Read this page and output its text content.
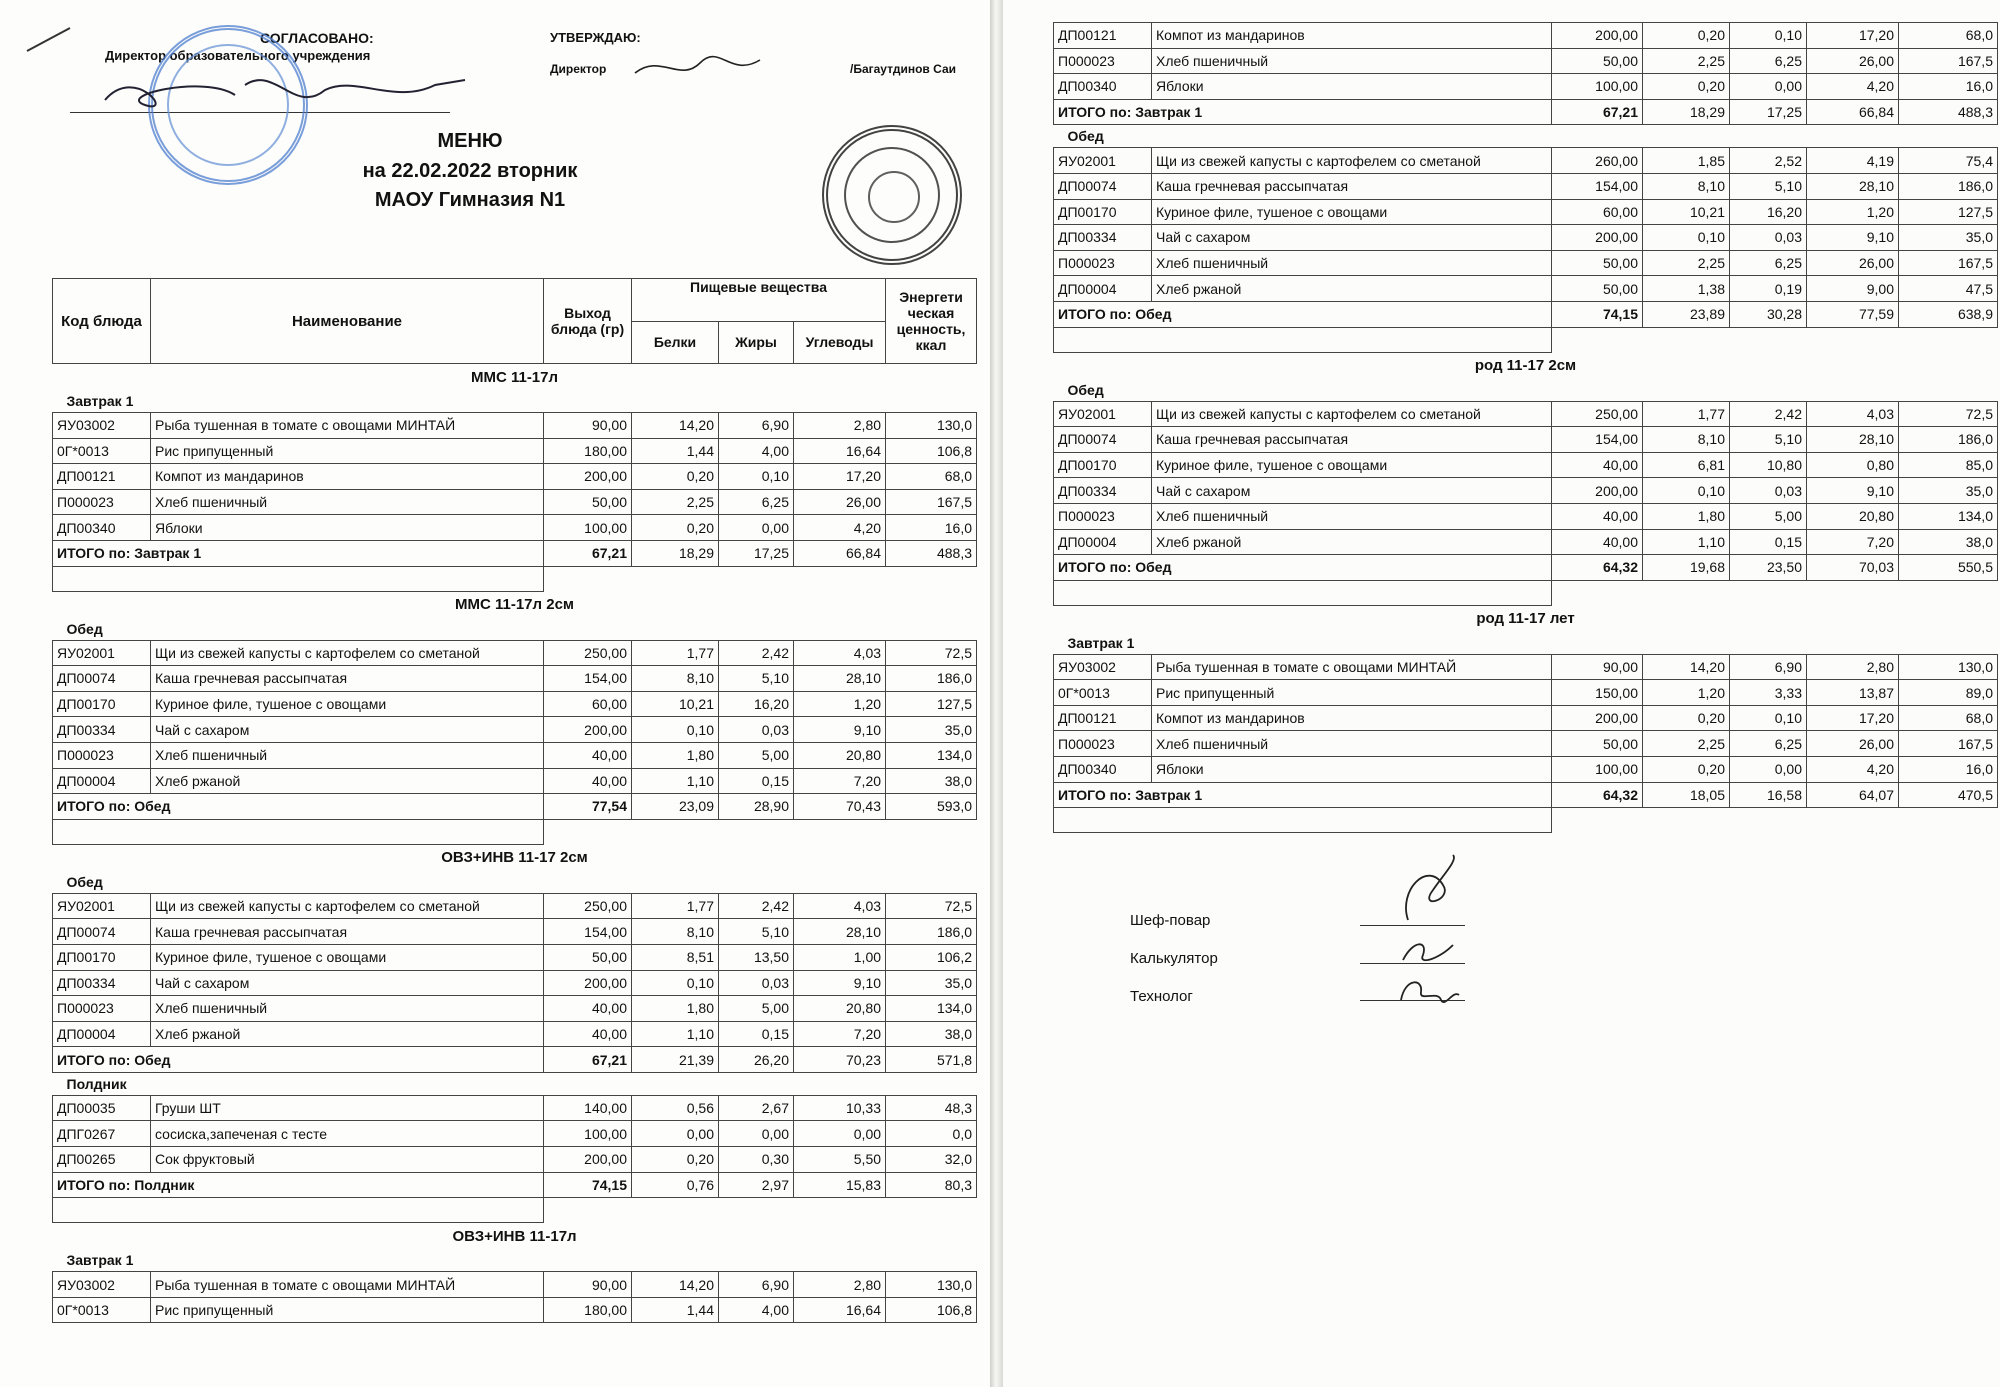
СОГЛАСОВАНО:
Директор образовательного учреждения
УТВЕРЖДАЮ:
Директор	/Багаутдинов Саи
МЕНЮ
на 22.02.2022 вторник
МАОУ Гимназия N1
Код блюда	Наименование	Выход блюда (гр)	Пищевые вещества			Энергети ческая ценность, ккал
			Белки	Жиры	Углеводы	
ММС 11-17л						
Завтрак 1						
ЯУ03002	Рыба тушенная в томате с овощами МИНТАЙ	90,00	14,20	6,90	2,80	130,0
0Г*0013	Рис припущенный	180,00	1,44	4,00	16,64	106,8
ДП00121	Компот из мандаринов	200,00	0,20	0,10	17,20	68,0
П000023	Хлеб пшеничный	50,00	2,25	6,25	26,00	167,5
ДП00340	Яблоки	100,00	0,20	0,00	4,20	16,0
ИТОГО по: Завтрак 1		67,21	18,29	17,25	66,84	488,3

ММС 11-17л 2см						
Обед						
ЯУ02001	Щи из свежей капусты с картофелем со сметаной	250,00	1,77	2,42	4,03	72,5
ДП00074	Каша гречневая рассыпчатая	154,00	8,10	5,10	28,10	186,0
ДП00170	Куриное филе, тушеное с овощами	60,00	10,21	16,20	1,20	127,5
ДП00334	Чай с сахаром	200,00	0,10	0,03	9,10	35,0
П000023	Хлеб пшеничный	40,00	1,80	5,00	20,80	134,0
ДП00004	Хлеб ржаной	40,00	1,10	0,15	7,20	38,0
ИТОГО по: Обед		77,54	23,09	28,90	70,43	593,0

ОВЗ+ИНВ 11-17 2см						
Обед						
ЯУ02001	Щи из свежей капусты с картофелем со сметаной	250,00	1,77	2,42	4,03	72,5
ДП00074	Каша гречневая рассыпчатая	154,00	8,10	5,10	28,10	186,0
ДП00170	Куриное филе, тушеное с овощами	50,00	8,51	13,50	1,00	106,2
ДП00334	Чай с сахаром	200,00	0,10	0,03	9,10	35,0
П000023	Хлеб пшеничный	40,00	1,80	5,00	20,80	134,0
ДП00004	Хлеб ржаной	40,00	1,10	0,15	7,20	38,0
ИТОГО по: Обед		67,21	21,39	26,20	70,23	571,8
Полдник						
ДП00035	Груши ШТ	140,00	0,56	2,67	10,33	48,3
ДПГ0267	сосиска,запеченая с тесте	100,00	0,00	0,00	0,00	0,0
ДП00265	Сок фруктовый	200,00	0,20	0,30	5,50	32,0
ИТОГО по: Полдник		74,15	0,76	2,97	15,83	80,3

ОВЗ+ИНВ 11-17л						
Завтрак 1						
ЯУ03002	Рыба тушенная в томате с овощами МИНТАЙ	90,00	14,20	6,90	2,80	130,0
0Г*0013	Рис припущенный	180,00	1,44	4,00	16,64	106,8
ДП00121	Компот из мандаринов	200,00	0,20	0,10	17,20	68,0
П000023	Хлеб пшеничный	50,00	2,25	6,25	26,00	167,5
ДП00340	Яблоки	100,00	0,20	0,00	4,20	16,0
ИТОГО по: Завтрак 1		67,21	18,29	17,25	66,84	488,3
Обед						
ЯУ02001	Щи из свежей капусты с картофелем со сметаной	260,00	1,85	2,52	4,19	75,4
ДП00074	Каша гречневая рассыпчатая	154,00	8,10	5,10	28,10	186,0
ДП00170	Куриное филе, тушеное с овощами	60,00	10,21	16,20	1,20	127,5
ДП00334	Чай с сахаром	200,00	0,10	0,03	9,10	35,0
П000023	Хлеб пшеничный	50,00	2,25	6,25	26,00	167,5
ДП00004	Хлеб ржаной	50,00	1,38	0,19	9,00	47,5
ИТОГО по: Обед		74,15	23,89	30,28	77,59	638,9

род 11-17 2см						
Обед						
ЯУ02001	Щи из свежей капусты с картофелем со сметаной	250,00	1,77	2,42	4,03	72,5
ДП00074	Каша гречневая рассыпчатая	154,00	8,10	5,10	28,10	186,0
ДП00170	Куриное филе, тушеное с овощами	40,00	6,81	10,80	0,80	85,0
ДП00334	Чай с сахаром	200,00	0,10	0,03	9,10	35,0
П000023	Хлеб пшеничный	40,00	1,80	5,00	20,80	134,0
ДП00004	Хлеб ржаной	40,00	1,10	0,15	7,20	38,0
ИТОГО по: Обед		64,32	19,68	23,50	70,03	550,5

род 11-17 лет						
Завтрак 1						
ЯУ03002	Рыба тушенная в томате с овощами МИНТАЙ	90,00	14,20	6,90	2,80	130,0
0Г*0013	Рис припущенный	150,00	1,20	3,33	13,87	89,0
ДП00121	Компот из мандаринов	200,00	0,20	0,10	17,20	68,0
П000023	Хлеб пшеничный	50,00	2,25	6,25	26,00	167,5
ДП00340	Яблоки	100,00	0,20	0,00	4,20	16,0
ИТОГО по: Завтрак 1		64,32	18,05	16,58	64,07	470,5

Шеф-повар
Калькулятор
Технолог
